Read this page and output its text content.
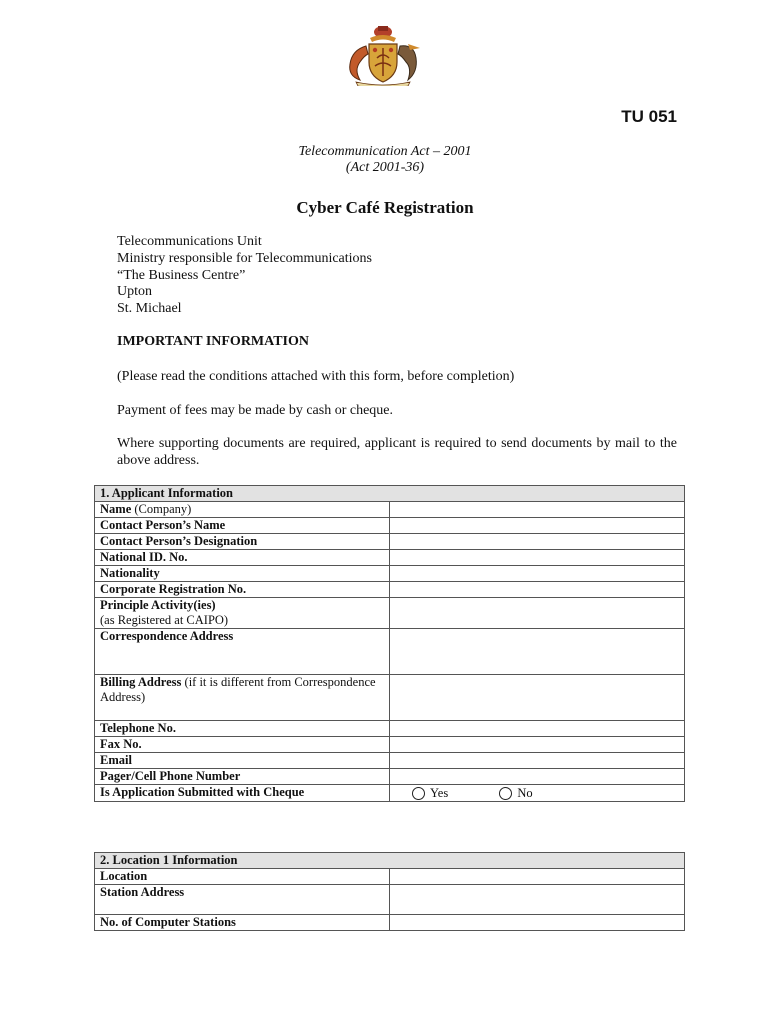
TU 051
Telecommunication Act – 2001
(Act 2001-36)
Cyber Café Registration
Telecommunications Unit
Ministry responsible for Telecommunications
“The Business Centre”
Upton
St. Michael
IMPORTANT INFORMATION
(Please read the conditions attached with this form, before completion)
Payment of fees may be made by cash or cheque.
Where supporting documents are required, applicant is required to send documents by mail to the above address.
1. Applicant Information	
Name (Company)	
Contact Person’s Name	
Contact Person’s Designation	
National ID. No.	
Nationality	
Corporate Registration No.	

Principle Activity(ies)
(as Registered at CAIPO)	

Correspondence Address	
Billing Address (if it is different from Correspondence Address)	
Telephone No.	
Fax No.	
Email	
Pager/Cell Phone Number	
Is Application Submitted with Cheque	Yes No
2. Location 1 Information	
Location	
Station Address	
No. of Computer Stations	
